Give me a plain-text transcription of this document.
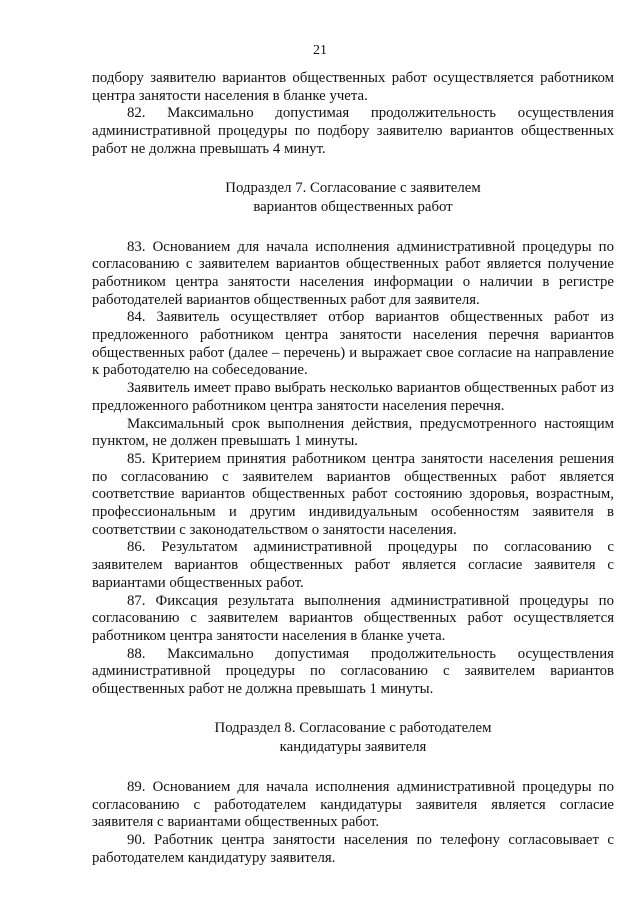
21

подбору заявителю вариантов общественных работ осуществляется работником центра занятости населения в бланке учета.

82. Максимально допустимая продолжительность осуществления административной процедуры по подбору заявителю вариантов общественных работ не должна превышать 4 минут.

Подраздел 7. Согласование с заявителем

вариантов общественных работ

83. Основанием для начала исполнения административной процедуры по согласованию с заявителем вариантов общественных работ является получение работником центра занятости населения информации о наличии в регистре работодателей вариантов общественных работ для заявителя.

84. Заявитель осуществляет отбор вариантов общественных работ из предложенного работником центра занятости населения перечня вариантов общественных работ (далее – перечень) и выражает свое согласие на направление к работодателю на собеседование.

Заявитель имеет право выбрать несколько вариантов общественных работ из предложенного работником центра занятости населения перечня.

Максимальный срок выполнения действия, предусмотренного настоящим пунктом, не должен превышать 1 минуты.

85. Критерием принятия работником центра занятости населения решения по согласованию с заявителем вариантов общественных работ является соответствие вариантов общественных работ состоянию здоровья, возрастным, профессиональным и другим индивидуальным особенностям заявителя в соответствии с законодательством о занятости населения.

86. Результатом административной процедуры по согласованию с заявителем вариантов общественных работ является согласие заявителя с вариантами общественных работ.

87. Фиксация результата выполнения административной процедуры по согласованию с заявителем вариантов общественных работ осуществляется работником центра занятости населения в бланке учета.

88. Максимально допустимая продолжительность осуществления административной процедуры по согласованию с заявителем вариантов общественных работ не должна превышать 1 минуты.

Подраздел 8. Согласование с работодателем

кандидатуры заявителя

89. Основанием для начала исполнения административной процедуры по согласованию с работодателем кандидатуры заявителя является согласие заявителя с вариантами общественных работ.

90. Работник центра занятости населения по телефону согласовывает с работодателем кандидатуру заявителя.
